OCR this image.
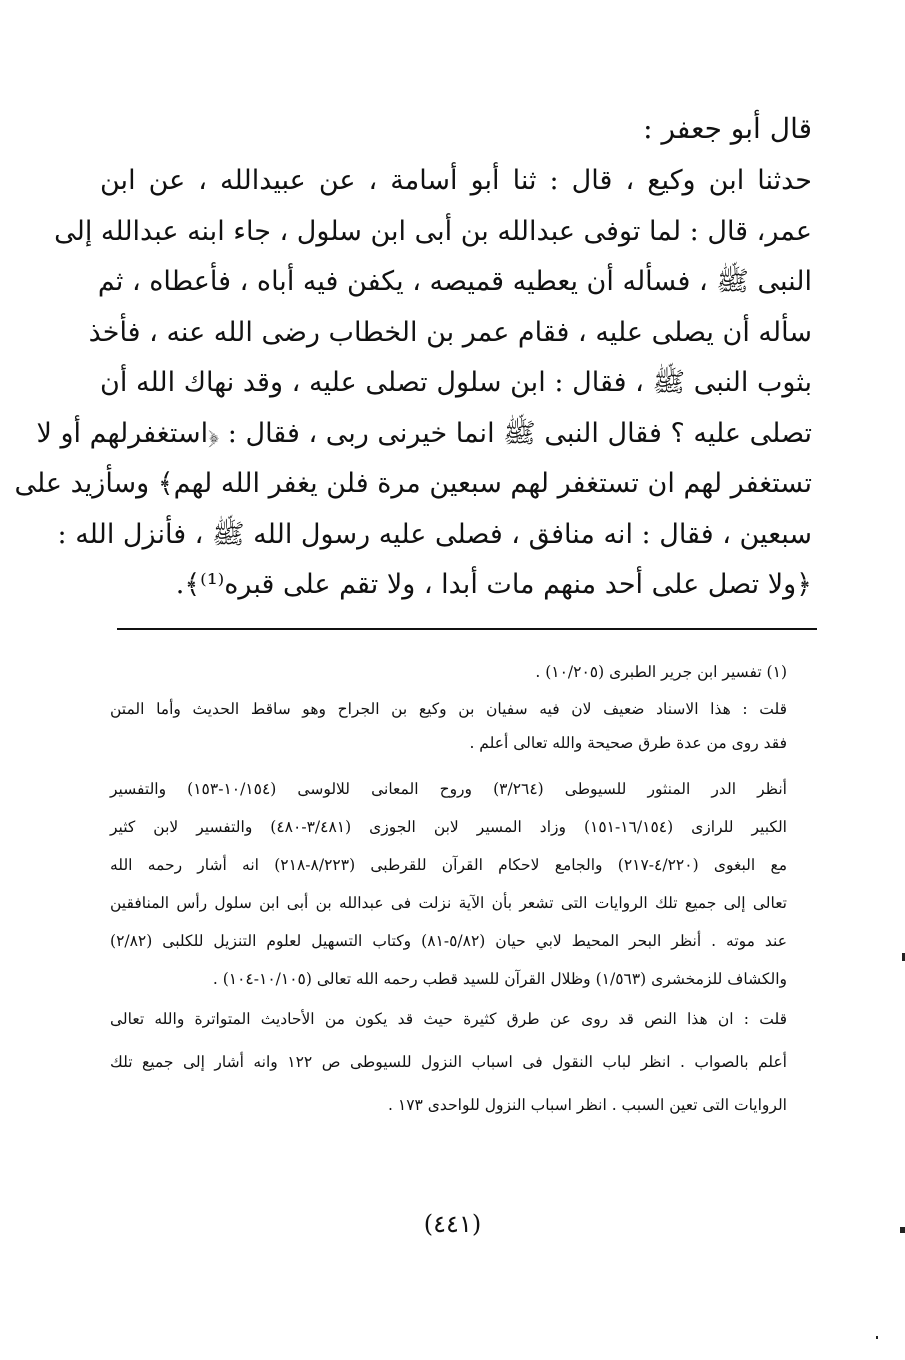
قال أبو جعفر :
حدثنا ابن وكيع ، قال : ثنا أبو أسامة ، عن عبيدالله ، عن ابن
عمر، قال : لما توفى عبدالله بن أبى ابن سلول ، جاء ابنه عبدالله إلى
النبى ﷺ ، فسأله أن يعطيه قميصه ، يكفن فيه أباه ، فأعطاه ، ثم
سأله أن يصلى عليه ، فقام عمر بن الخطاب رضى الله عنه ، فأخذ
بثوب النبى ﷺ ، فقال : ابن سلول تصلى عليه ، وقد نهاك الله أن
تصلى عليه ؟ فقال النبى ﷺ انما خيرنى ربى ، فقال : ﴿استغفرلهم أو لا
تستغفر لهم ان تستغفر لهم سبعين مرة فلن يغفر الله لهم﴾ وسأزيد على
سبعين ، فقال : انه منافق ، فصلى عليه رسول الله ﷺ ، فأنزل الله :
﴿ولا تصل على أحد منهم مات أبدا ، ولا تقم على قبره⁽¹⁾﴾.
(١) تفسير ابن جرير الطبرى (١٠/٢٠٥) .
قلت : هذا الاسناد ضعيف لان فيه سفيان بن وكيع بن الجراح وهو ساقط الحديث وأما المتن
فقد روى من عدة طرق صحيحة والله تعالى أعلم .
أنظر الدر المنثور للسيوطى (٣/٢٦٤) وروح المعانى للالوسى (١٠/١٥٤-١٥٣) والتفسير
الكبير للرازى (١٦/١٥٤-١٥١) وزاد المسير لابن الجوزى (٣/٤٨١-٤٨٠) والتفسير لابن كثير
مع البغوى (٤/٢٢٠-٢١٧) والجامع لاحكام القرآن للقرطبى (٨/٢٢٣-٢١٨) انه أشار رحمه الله
تعالى إلى جميع تلك الروايات التى تشعر بأن الآية نزلت فى عبدالله بن أبى ابن سلول رأس المنافقين
عند موته . أنظر البحر المحيط لابي حيان (٥/٨٢-٨١) وكتاب التسهيل لعلوم التنزيل للكلبى (٢/٨٢)
والكشاف للزمخشرى (١/٥٦٣) وظلال القرآن للسيد قطب رحمه الله تعالى (١٠/١٠٥-١٠٤) .
قلت : ان هذا النص قد روى عن طرق كثيرة حيث قد يكون من الأحاديث المتواترة والله تعالى
أعلم بالصواب . انظر لباب النقول فى اسباب النزول للسيوطى ص ١٢٢ وانه أشار إلى جميع تلك
الروايات التى تعين السبب . انظر اسباب النزول للواحدى ١٧٣ .
(٤٤١)
